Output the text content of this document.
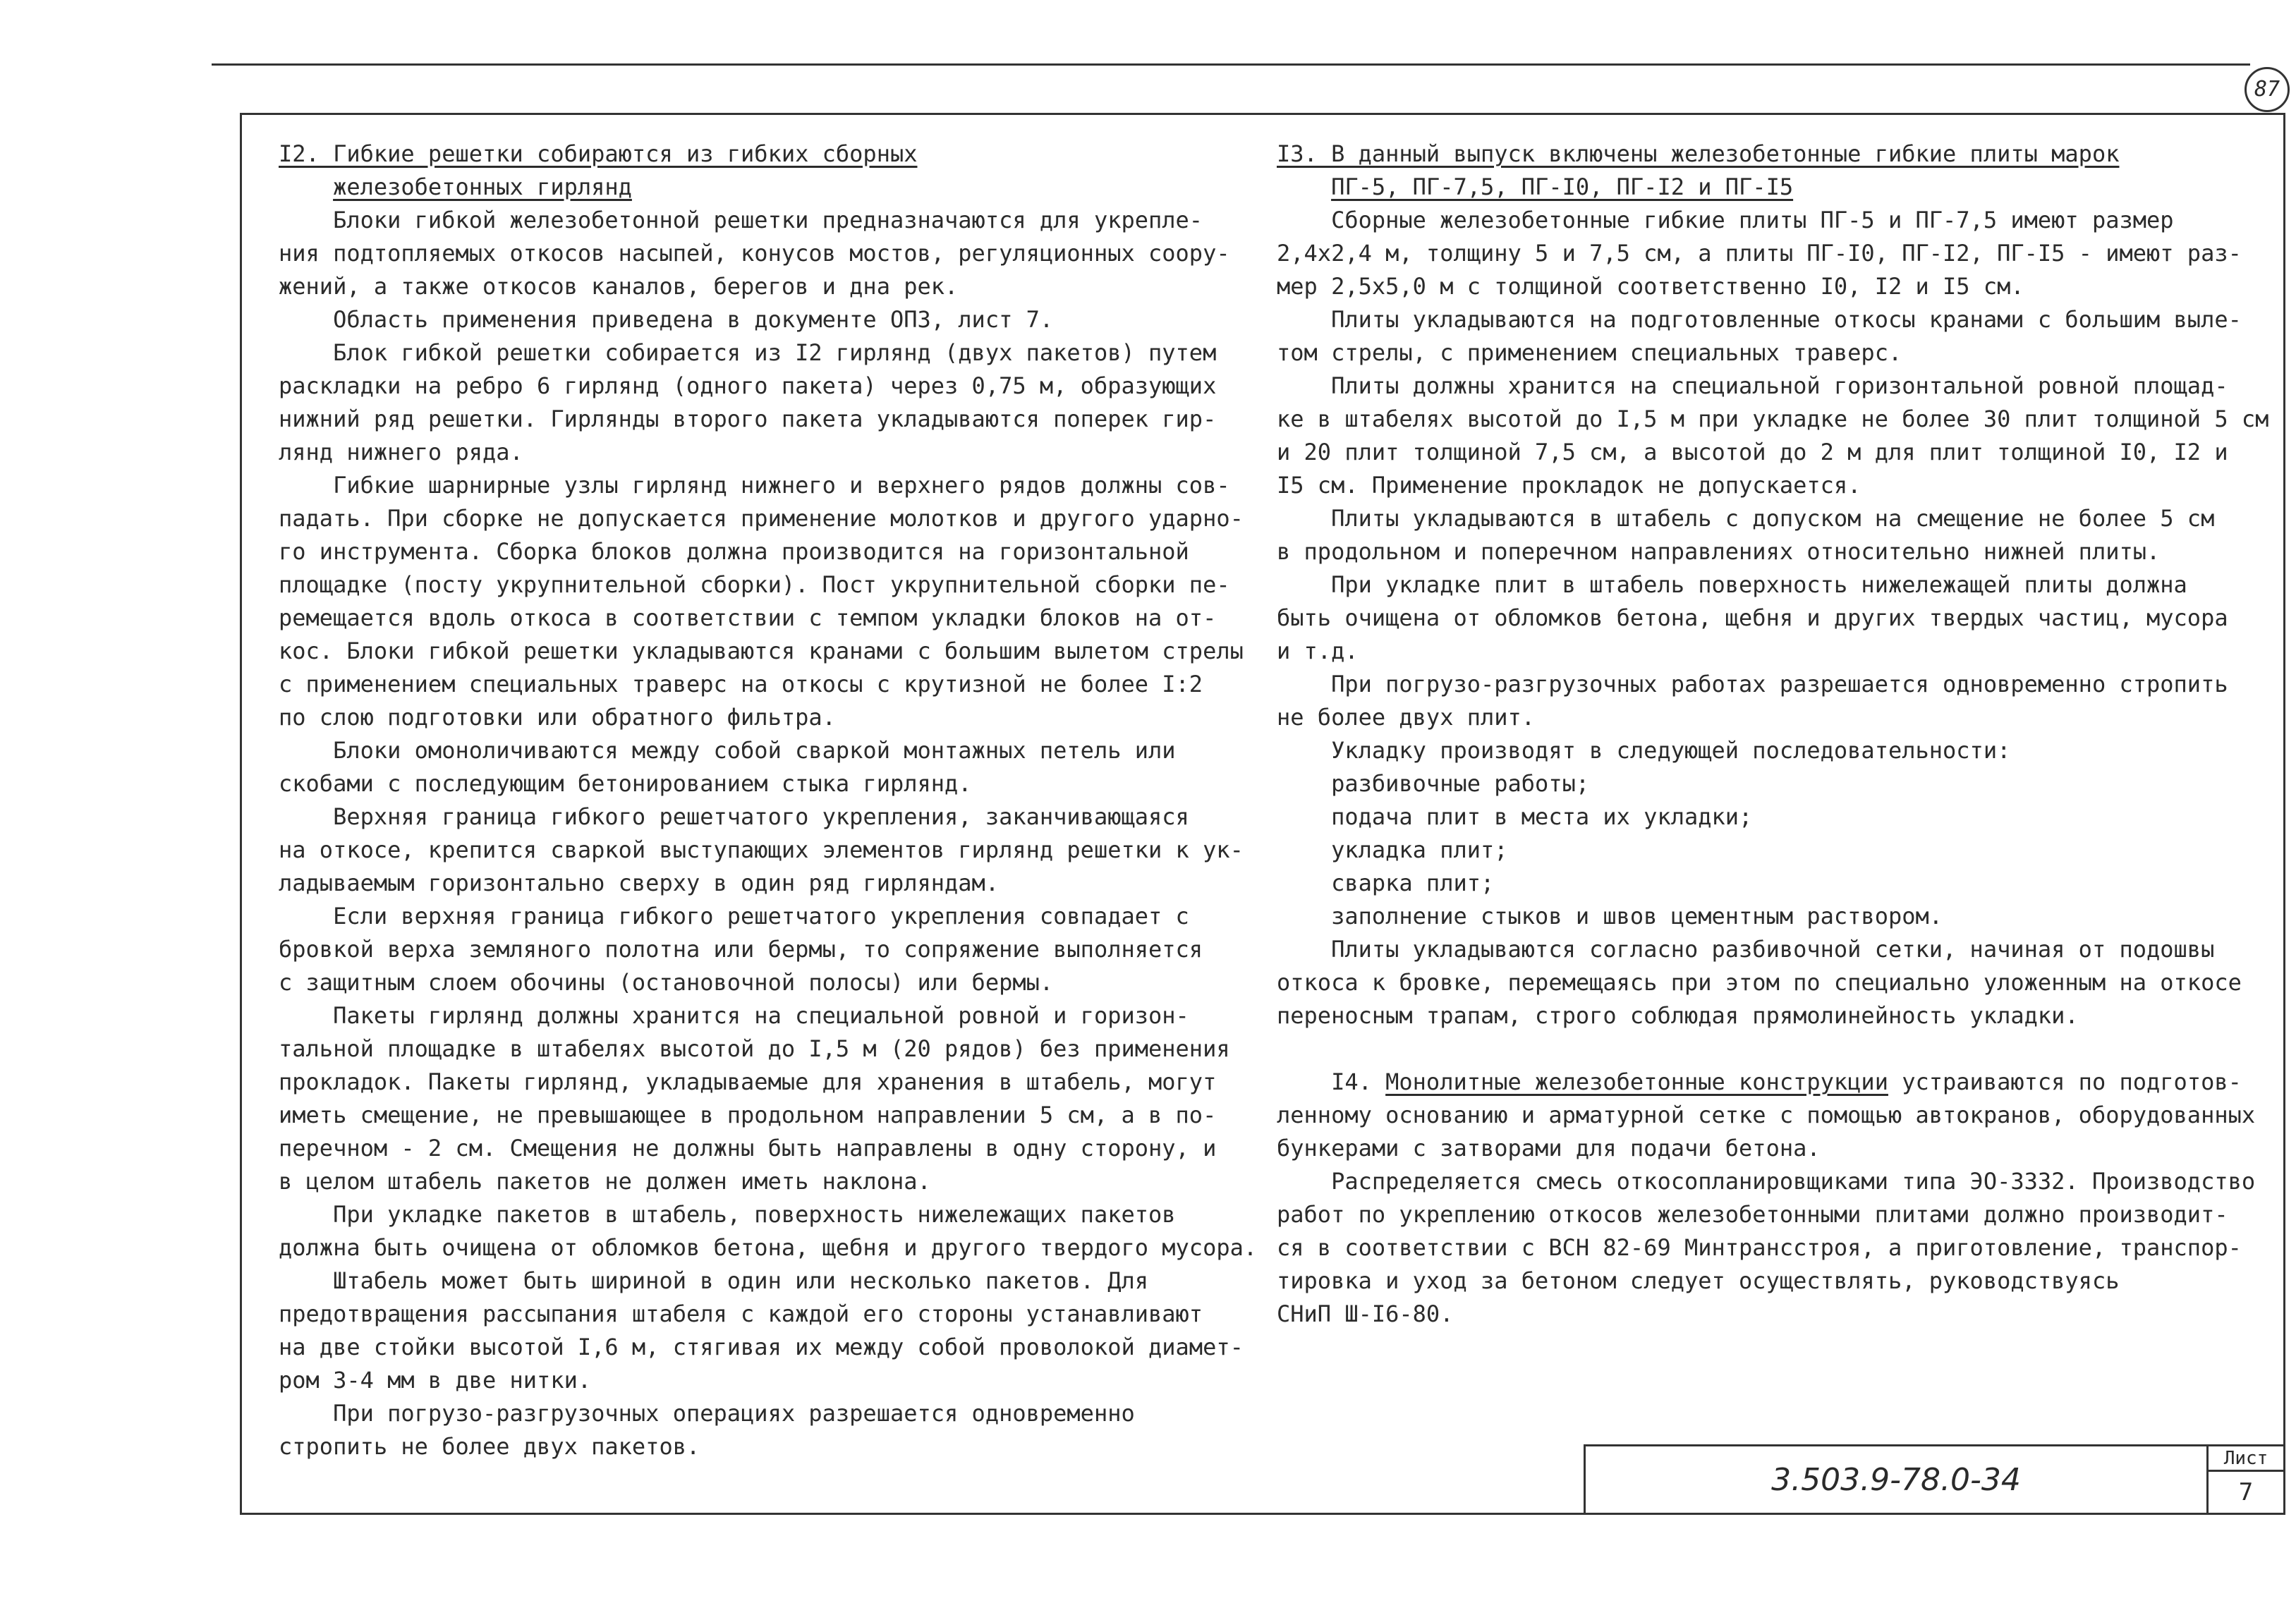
87
I2. Гибкие решетки собираются из гибких сборных
железобетонных гирлянд
Блоки гибкой железобетонной решетки предназначаются для укрепле-
ния подтопляемых откосов насыпей, конусов мостов, регуляционных соору-
жений, а также откосов каналов, берегов и дна рек.
Область применения приведена в документе ОПЗ, лист 7.
Блок гибкой решетки собирается из I2 гирлянд (двух пакетов) путем
раскладки на ребро 6 гирлянд (одного пакета) через 0,75 м, образующих
нижний ряд решетки. Гирлянды второго пакета укладываются поперек гир-
лянд нижнего ряда.
Гибкие шарнирные узлы гирлянд нижнего и верхнего рядов должны сов-
падать. При сборке не допускается применение молотков и другого ударно-
го инструмента. Сборка блоков должна производится на горизонтальной
площадке (посту укрупнительной сборки). Пост укрупнительной сборки пе-
ремещается вдоль откоса в соответствии с темпом укладки блоков на от-
кос. Блоки гибкой решетки укладываются кранами с большим вылетом стрелы
с применением специальных траверс на откосы с крутизной не более I:2
по слою подготовки или обратного фильтра.
Блоки омоноличиваются между собой сваркой монтажных петель или
скобами с последующим бетонированием стыка гирлянд.
Верхняя граница гибкого решетчатого укрепления, заканчивающаяся
на откосе, крепится сваркой выступающих элементов гирлянд решетки к ук-
ладываемым горизонтально сверху в один ряд гирляндам.
Если верхняя граница гибкого решетчатого укрепления совпадает с
бровкой верха земляного полотна или бермы, то сопряжение выполняется
с защитным слоем обочины (остановочной полосы) или бермы.
Пакеты гирлянд должны хранится на специальной ровной и горизон-
тальной площадке в штабелях высотой до I,5 м (20 рядов) без применения
прокладок. Пакеты гирлянд, укладываемые для хранения в штабель, могут
иметь смещение, не превышающее в продольном направлении 5 см, а в по-
перечном - 2 см. Смещения не должны быть направлены в одну сторону, и
в целом штабель пакетов не должен иметь наклона.
При укладке пакетов в штабель, поверхность нижележащих пакетов
должна быть очищена от обломков бетона, щебня и другого твердого мусора.
Штабель может быть шириной в один или несколько пакетов. Для
предотвращения рассыпания штабеля с каждой его стороны устанавливают
на две стойки высотой I,6 м, стягивая их между собой проволокой диамет-
ром 3-4 мм в две нитки.
При погрузо-разгрузочных операциях разрешается одновременно
стропить не более двух пакетов.
I3. В данный выпуск включены железобетонные гибкие плиты марок
ПГ-5, ПГ-7,5, ПГ-I0, ПГ-I2 и ПГ-I5
Сборные железобетонные гибкие плиты ПГ-5 и ПГ-7,5 имеют размер
2,4х2,4 м, толщину 5 и 7,5 см, а плиты ПГ-I0, ПГ-I2, ПГ-I5 - имеют раз-
мер 2,5х5,0 м с толщиной соответственно I0, I2 и I5 см.
Плиты укладываются на подготовленные откосы кранами с большим выле-
том стрелы, с применением специальных траверс.
Плиты должны хранится на специальной горизонтальной ровной площад-
ке в штабелях высотой до I,5 м при укладке не более 30 плит толщиной 5 см
и 20 плит толщиной 7,5 см, а высотой до 2 м для плит толщиной I0, I2 и
I5 см. Применение прокладок не допускается.
Плиты укладываются в штабель с допуском на смещение не более 5 см
в продольном и поперечном направлениях относительно нижней плиты.
При укладке плит в штабель поверхность нижележащей плиты должна
быть очищена от обломков бетона, щебня и других твердых частиц, мусора
и т.д.
При погрузо-разгрузочных работах разрешается одновременно стропить
не более двух плит.
Укладку производят в следующей последовательности:
разбивочные работы;
подача плит в места их укладки;
укладка плит;
сварка плит;
заполнение стыков и швов цементным раствором.
Плиты укладываются согласно разбивочной сетки, начиная от подошвы
откоса к бровке, перемещаясь при этом по специально уложенным на откосе
переносным трапам, строго соблюдая прямолинейность укладки.

I4. Монолитные железобетонные конструкции устраиваются по подготов-
ленному основанию и арматурной сетке с помощью автокранов, оборудованных
бункерами с затворами для подачи бетона.
Распределяется смесь откосопланировщиками типа ЭО-3332. Производство
работ по укреплению откосов железобетонными плитами должно производит-
ся в соответствии с ВСН 82-69 Минтрансстроя, а приготовление, транспор-
тировка и уход за бетоном следует осуществлять, руководствуясь
СНиП Ш-I6-80.
3.503.9-78.0-34
Лист
7
